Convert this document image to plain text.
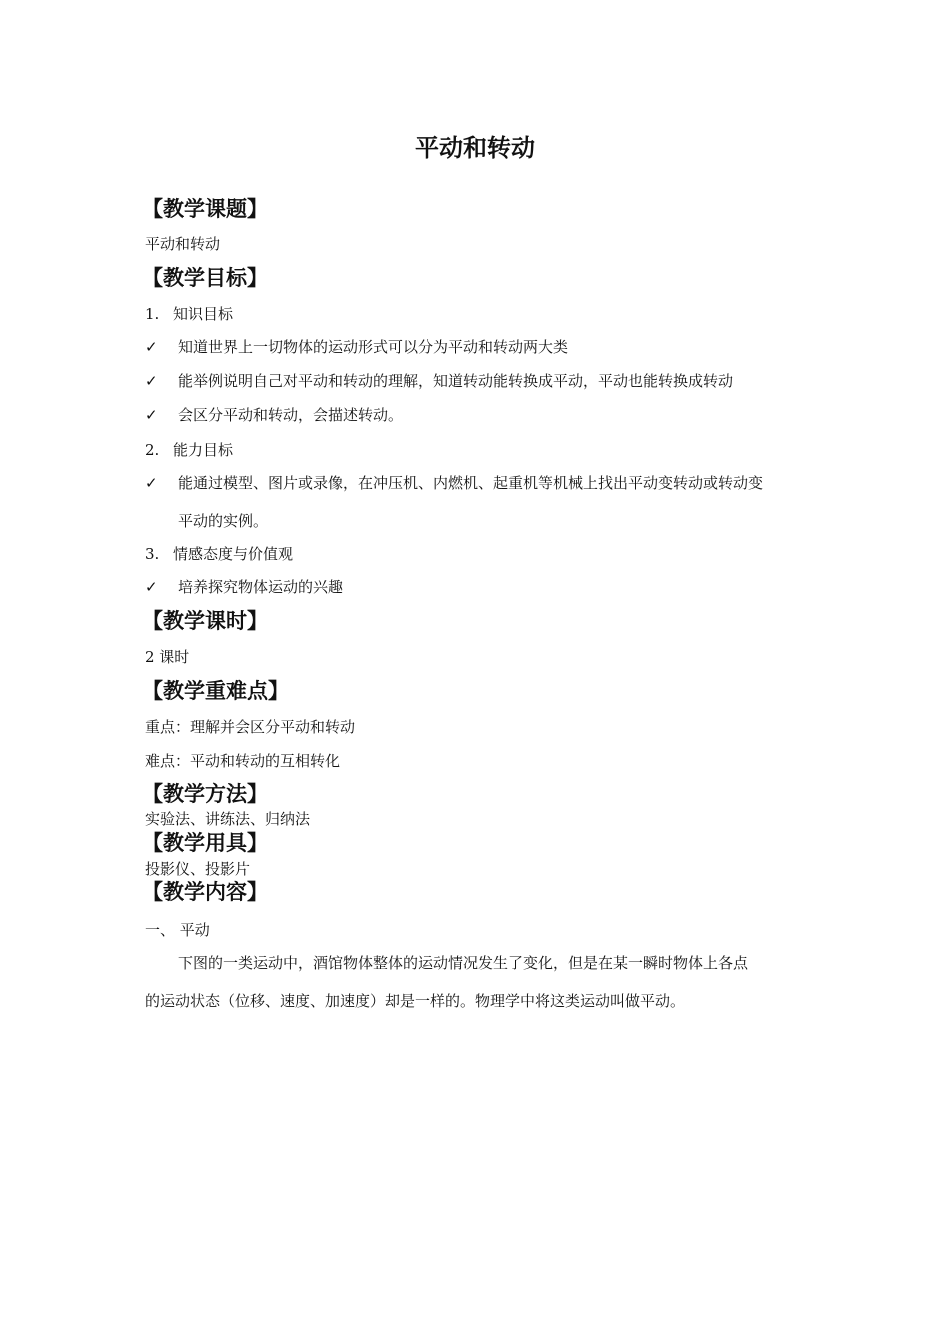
平动和转动
【教学课题】
平动和转动
【教学目标】
1. 知识目标
✓ 知道世界上一切物体的运动形式可以分为平动和转动两大类
✓ 能举例说明自己对平动和转动的理解，知道转动能转换成平动，平动也能转换成转动
✓ 会区分平动和转动，会描述转动。
2. 能力目标
✓ 能通过模型、图片或录像，在冲压机、内燃机、起重机等机械上找出平动变转动或转动变
平动的实例。
3. 情感态度与价值观
✓ 培养探究物体运动的兴趣
【教学课时】
2 课时
【教学重难点】
重点：理解并会区分平动和转动
难点：平动和转动的互相转化
【教学方法】
实验法、讲练法、归纳法
【教学用具】
投影仪、投影片
【教学内容】
一、 平动
下图的一类运动中，酒馆物体整体的运动情况发生了变化，但是在某一瞬时物体上各点
的运动状态（位移、速度、加速度）却是一样的。物理学中将这类运动叫做平动。
